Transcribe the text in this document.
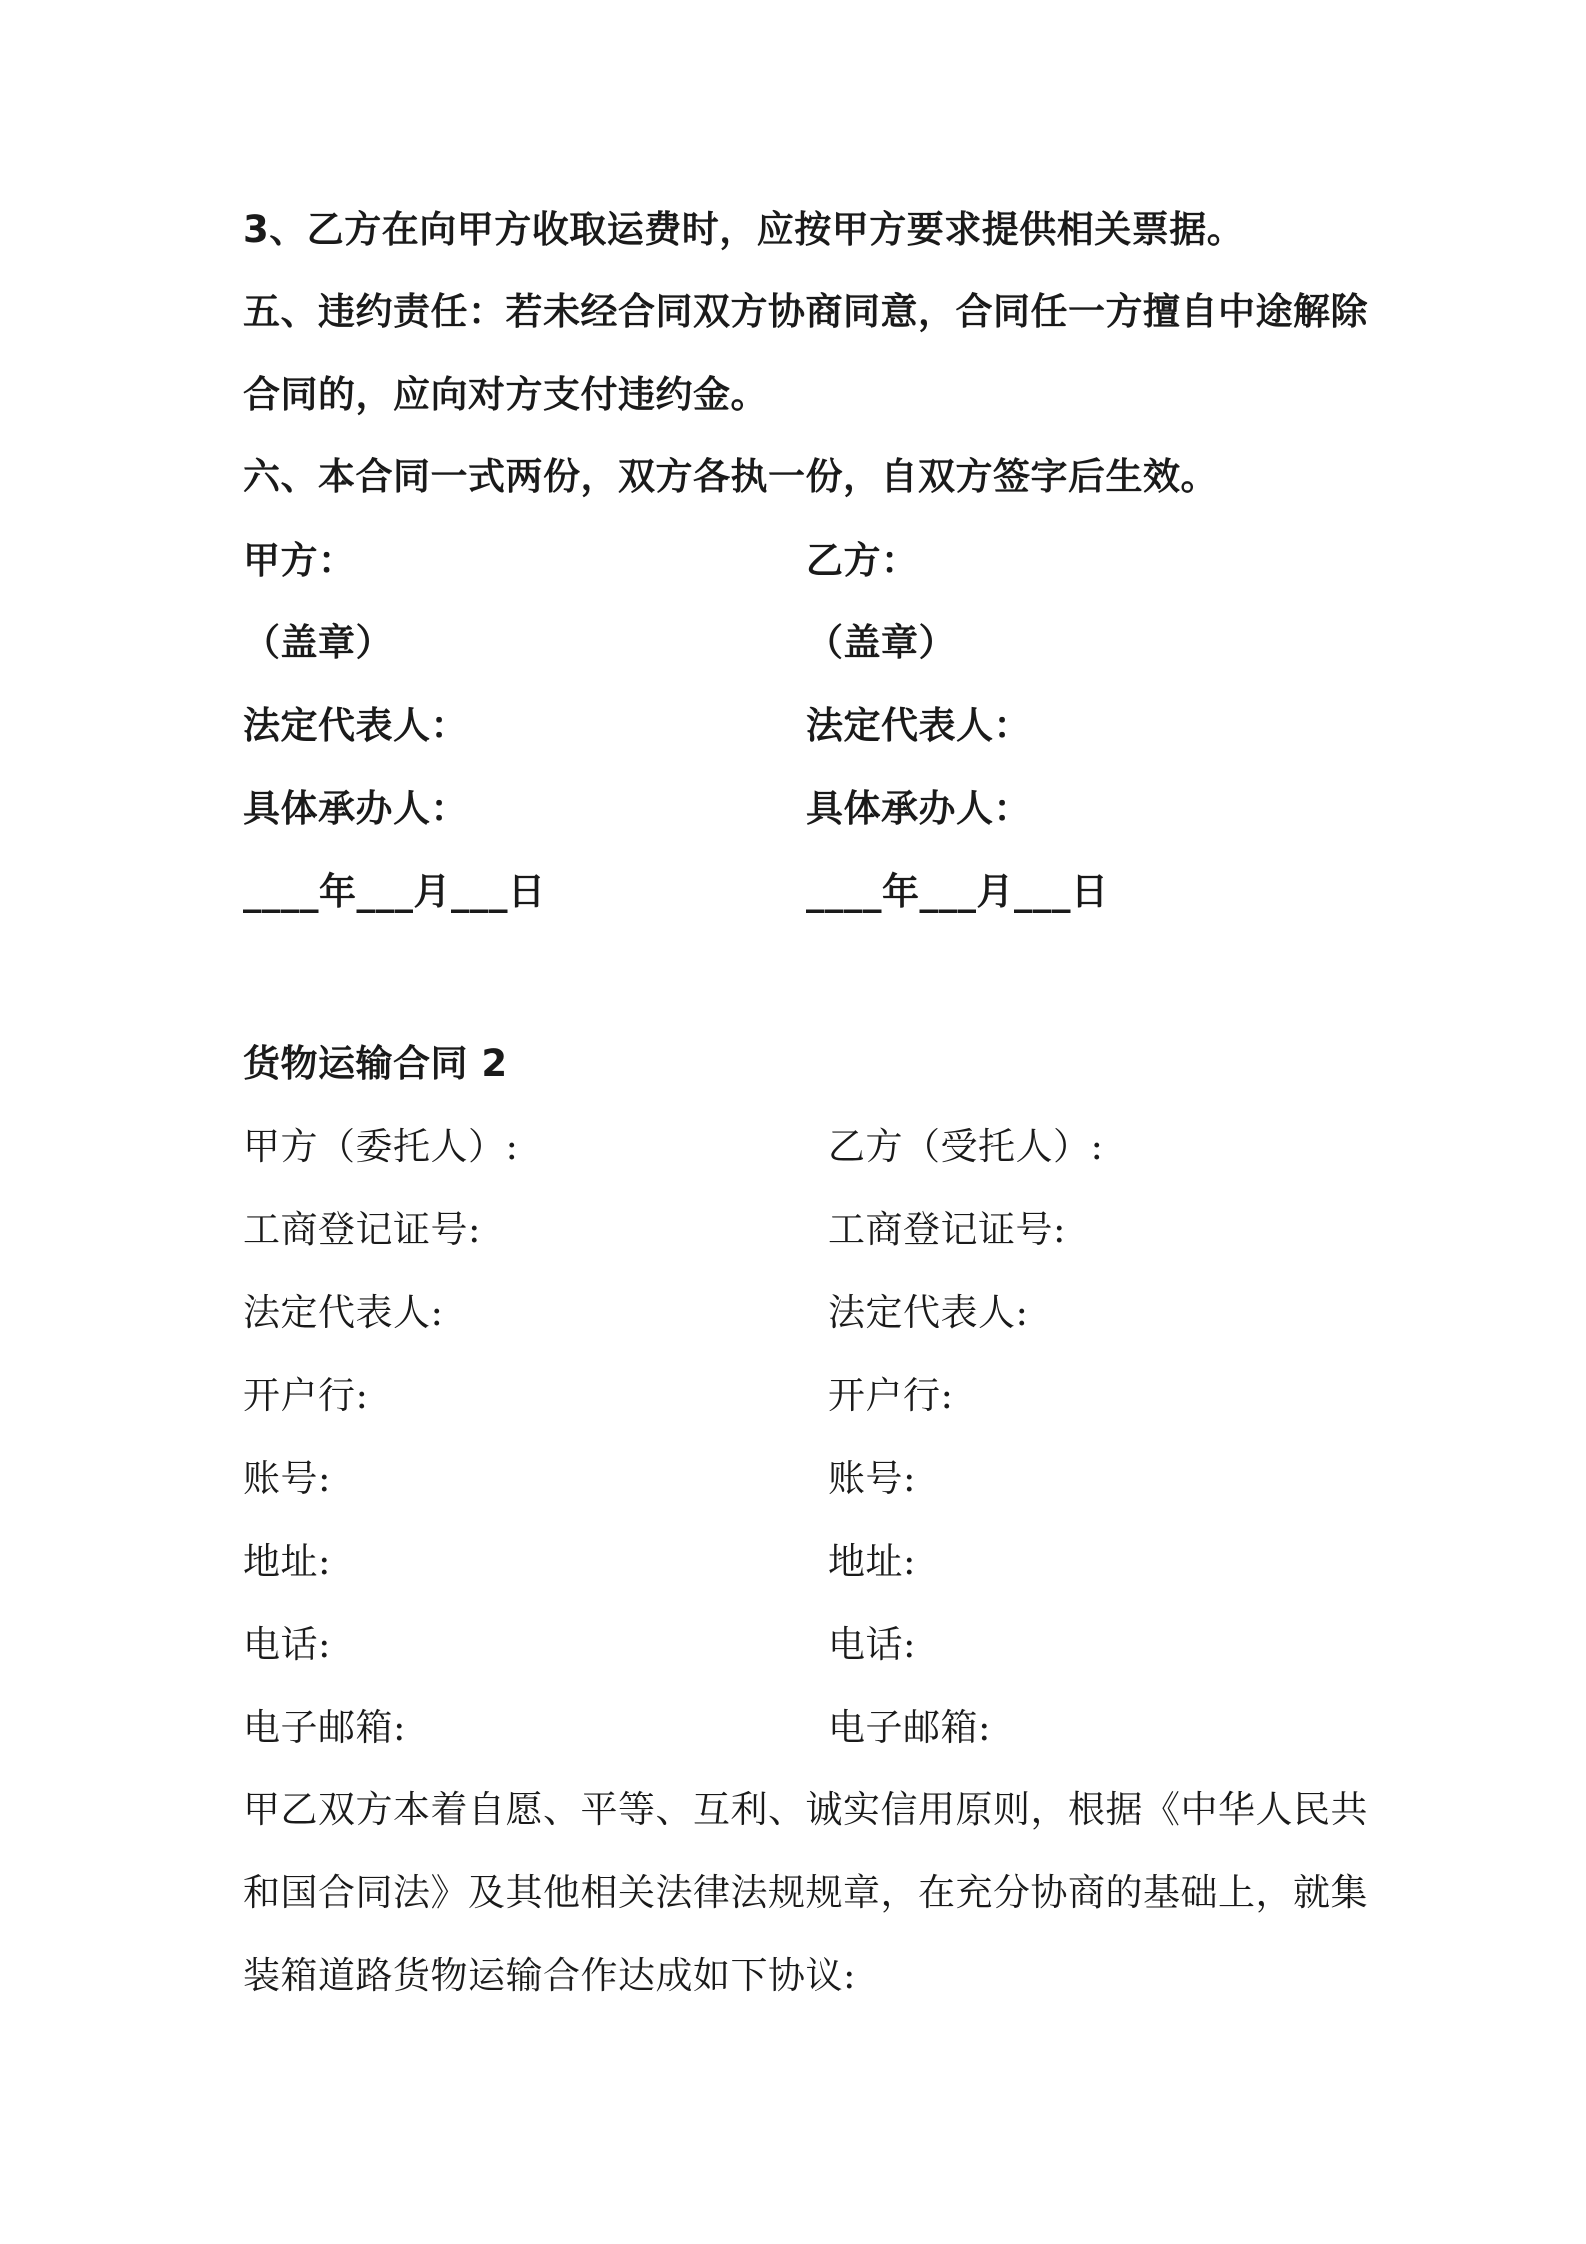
3、乙方在向甲方收取运费时，应按甲方要求提供相关票据。
五、违约责任：若未经合同双方协商同意，合同任一方擅自中途解除
合同的，应向对方支付违约金。
六、本合同一式两份，双方各执一份，自双方签字后生效。
甲方：
（盖章）
法定代表人：
具体承办人：
____年___月___日
乙方：
（盖章）
法定代表人：
具体承办人：
____年___月___日
货物运输合同 2
甲方（委托人）:
工商登记证号:
法定代表人:
开户行:
账号:
地址:
电话:
电子邮箱:
乙方（受托人）:
工商登记证号:
法定代表人:
开户行:
账号:
地址:
电话:
电子邮箱:
甲乙双方本着自愿、平等、互利、诚实信用原则，根据《中华人民共
和国合同法》及其他相关法律法规规章，在充分协商的基础上，就集
装箱道路货物运输合作达成如下协议:
